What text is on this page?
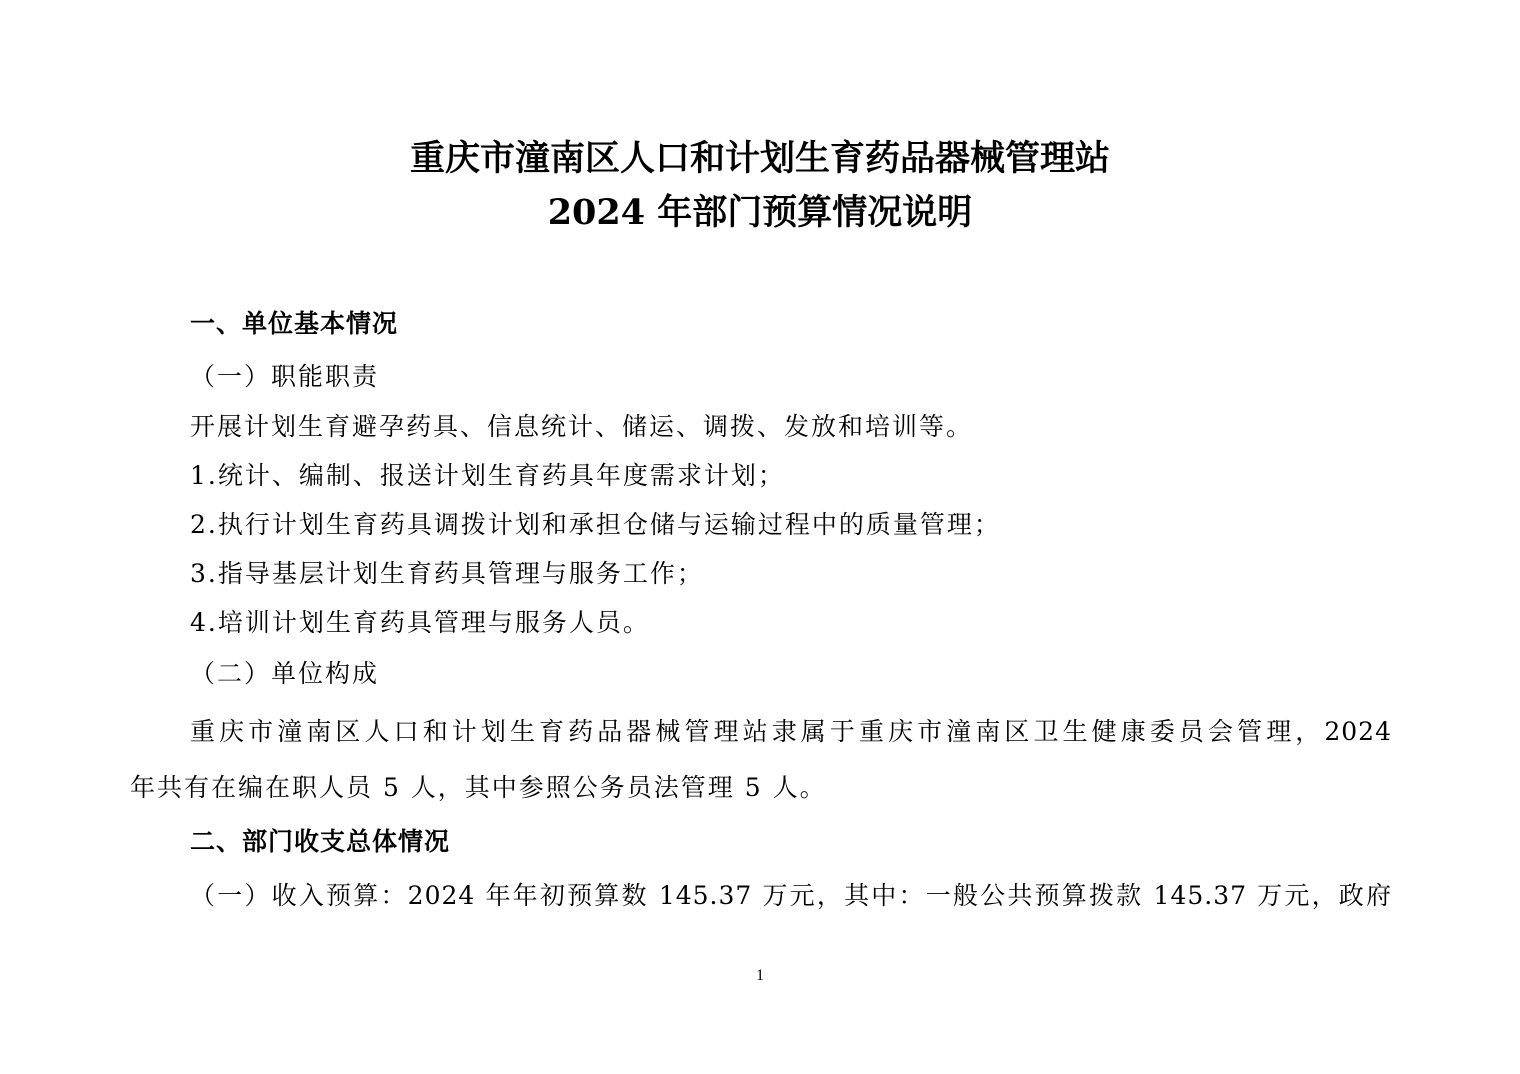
重庆市潼南区人口和计划生育药品器械管理站
2024 年部门预算情况说明
一、单位基本情况
（一）职能职责
开展计划生育避孕药具、信息统计、储运、调拨、发放和培训等。
1.统计、编制、报送计划生育药具年度需求计划；
2.执行计划生育药具调拨计划和承担仓储与运输过程中的质量管理；
3.指导基层计划生育药具管理与服务工作；
4.培训计划生育药具管理与服务人员。
（二）单位构成
重庆市潼南区人口和计划生育药品器械管理站隶属于重庆市潼南区卫生健康委员会管理，2024
年共有在编在职人员 5 人，其中参照公务员法管理 5 人。
二、部门收支总体情况
（一）收入预算：2024 年年初预算数 145.37 万元，其中：一般公共预算拨款 145.37 万元，政府
1
